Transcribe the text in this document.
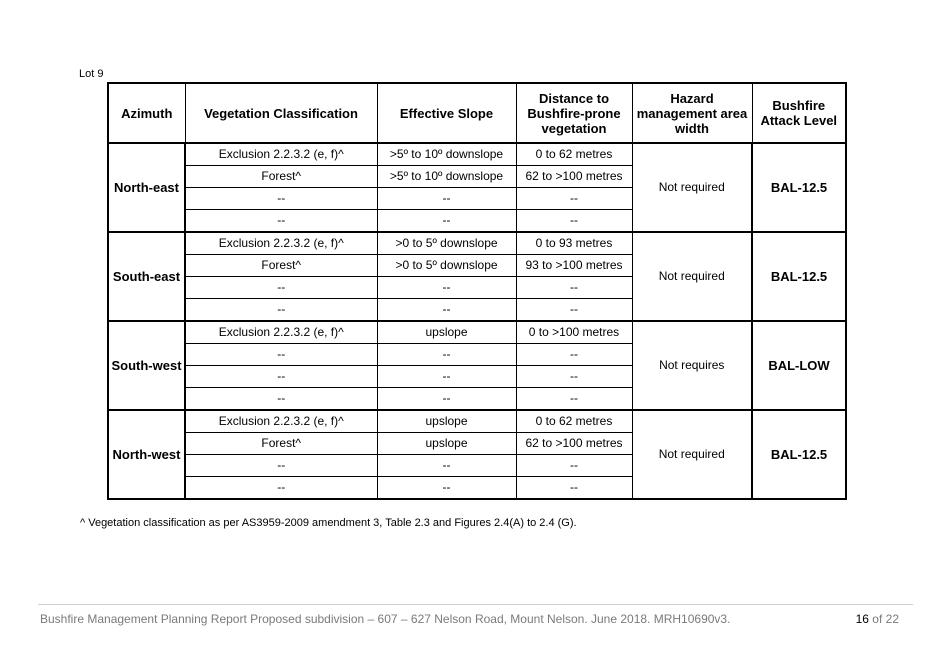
Lot 9
Azimuth	Vegetation Classification	Effective Slope	Distance to Bushfire-prone vegetation	Hazard management area width	Bushfire Attack Level
North-east	Exclusion 2.2.3.2 (e, f)^	>5º to 10º downslope	0 to 62 metres	Not required	BAL-12.5
	Forest^	>5º to 10º downslope	62 to >100 metres		
	--	--	--		
	--	--	--		
South-east	Exclusion 2.2.3.2 (e, f)^	>0 to 5º downslope	0 to 93 metres	Not required	BAL-12.5
	Forest^	>0 to 5º downslope	93 to >100 metres		
	--	--	--		
	--	--	--		
South-west	Exclusion 2.2.3.2 (e, f)^	upslope	0 to >100 metres	Not requires	BAL-LOW
	--	--	--		
	--	--	--		
	--	--	--		
North-west	Exclusion 2.2.3.2 (e, f)^	upslope	0 to 62 metres	Not required	BAL-12.5
	Forest^	upslope	62 to >100 metres		
	--	--	--		
	--	--	--		
^ Vegetation classification as per AS3959-2009 amendment 3, Table 2.3 and Figures 2.4(A) to 2.4 (G).
Bushfire Management Planning Report Proposed subdivision – 607 – 627 Nelson Road, Mount Nelson. June 2018. MRH10690v3.	16 of 22
